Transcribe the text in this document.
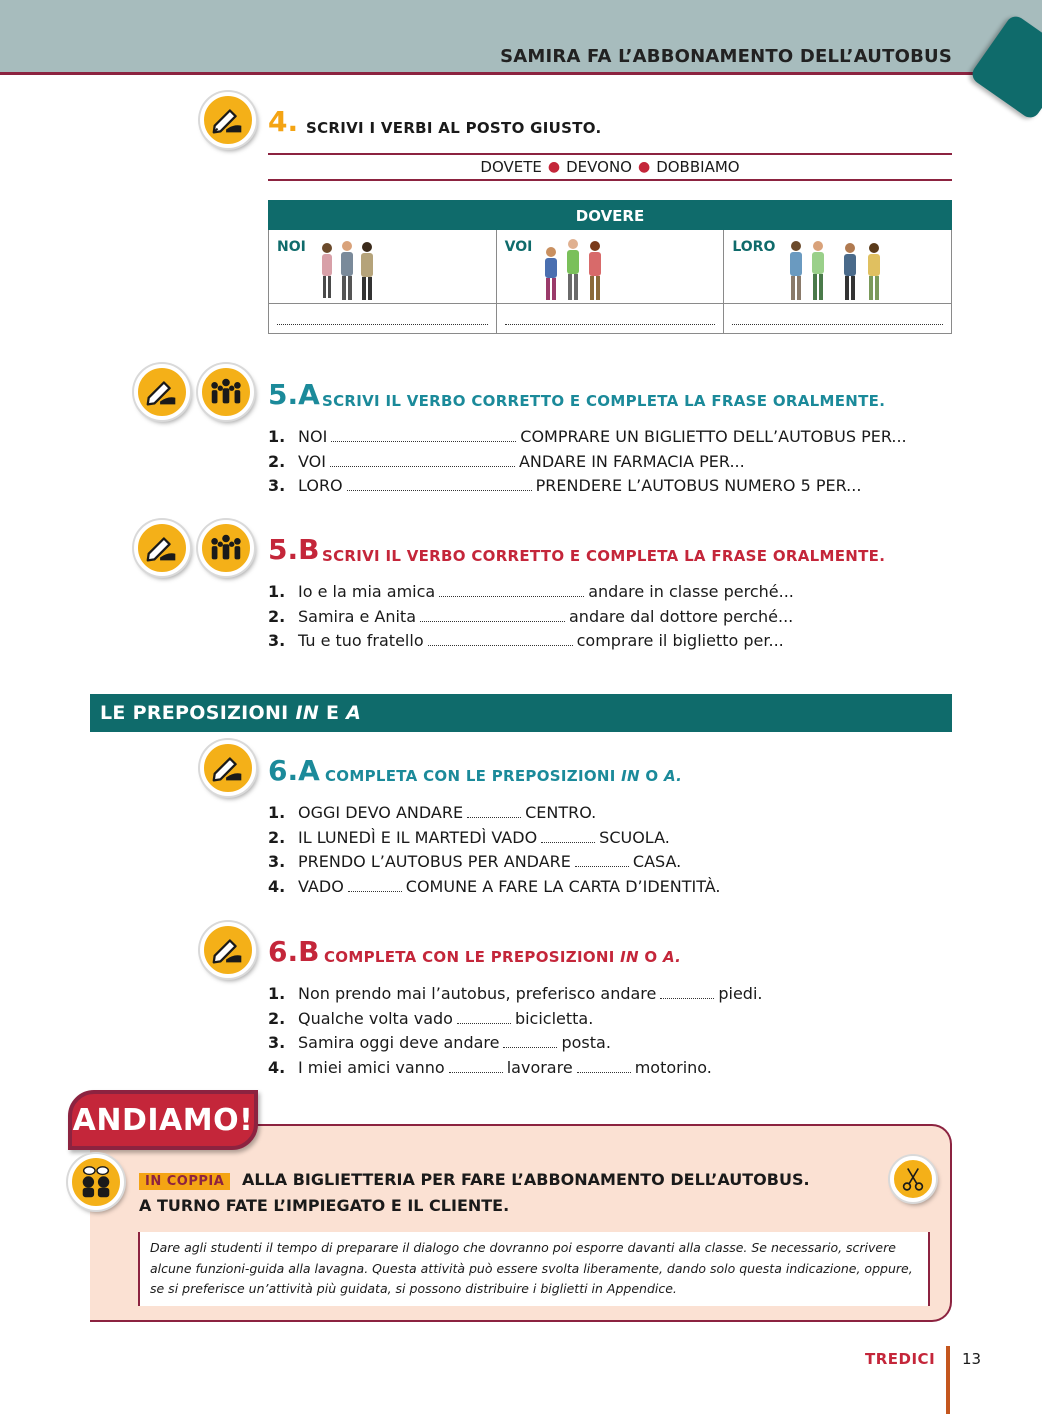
SAMIRA FA L’ABBONAMENTO DELL’AUTOBUS
4. SCRIVI I VERBI AL POSTO GIUSTO.
DOVETE ● DEVONO ● DOBBIAMO
DOVERE
NOI	VOI	LORO
5.A SCRIVI IL VERBO CORRETTO E COMPLETA LA FRASE ORALMENTE.
1. NOI	COMPRARE UN BIGLIETTO DELL’AUTOBUS PER...
2. VOI	ANDARE IN FARMACIA PER...
3. LORO	PRENDERE L’AUTOBUS NUMERO 5 PER...
5.B SCRIVI IL VERBO CORRETTO E COMPLETA LA FRASE ORALMENTE.
1. Io e la mia amica	andare in classe perché...
2. Samira e Anita	andare dal dottore perché...
3. Tu e tuo fratello	comprare il biglietto per...
LE PREPOSIZIONI IN E A
6.A COMPLETA CON LE PREPOSIZIONI IN O A.
1. OGGI DEVO ANDARE	CENTRO.
2. IL LUNEDÌ E IL MARTEDÌ VADO	SCUOLA.
3. PRENDO L’AUTOBUS PER ANDARE	CASA.
4. VADO	COMUNE A FARE LA CARTA D’IDENTITÀ.
6.B COMPLETA CON LE PREPOSIZIONI IN O A.
1. Non prendo mai l’autobus, preferisco andare	piedi.
2. Qualche volta vado	bicicletta.
3. Samira oggi deve andare	posta.
4. I miei amici vanno	lavorare	motorino.
ANDIAMO!
IN COPPIA	ALLA BIGLIETTERIA PER FARE L’ABBONAMENTO DELL’AUTOBUS.
A TURNO FATE L’IMPIEGATO E IL CLIENTE.
Dare agli studenti il tempo di preparare il dialogo che dovranno poi esporre davanti alla classe. Se necessario, scrivere alcune funzioni-guida alla lavagna. Questa attività può essere svolta liberamente, dando solo questa indicazione, oppure, se si preferisce un’attività più guidata, si possono distribuire i biglietti in Appendice.
TREDICI 13
